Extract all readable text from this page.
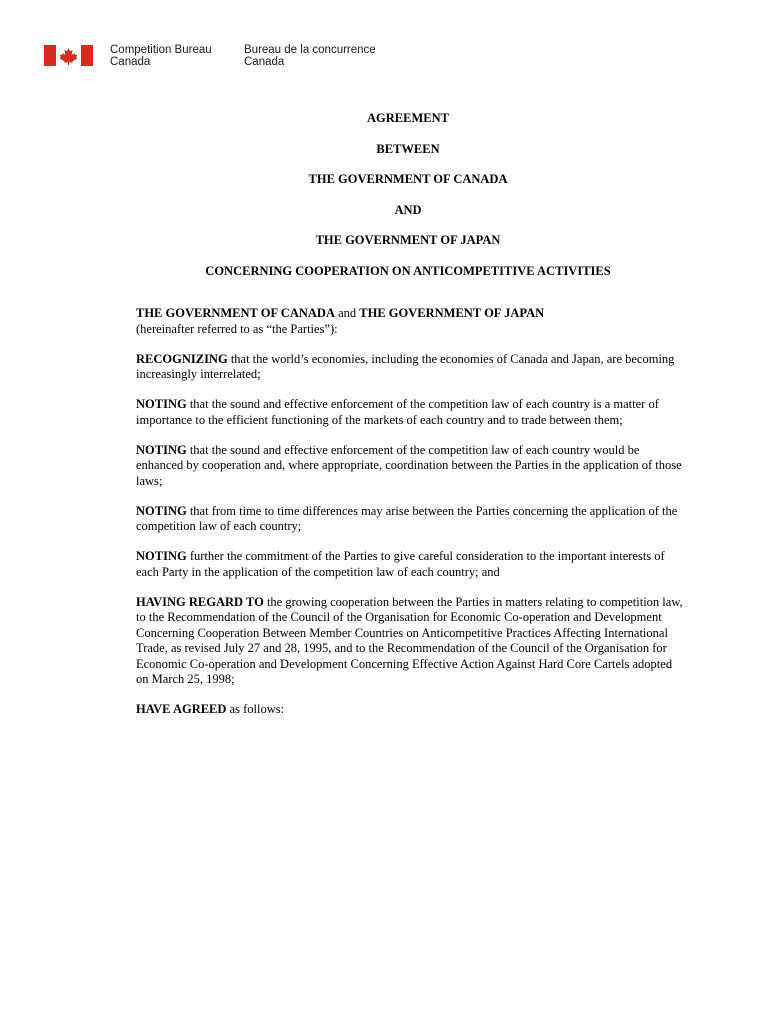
Competition Bureau
Canada
Bureau de la concurrence
Canada
AGREEMENT
BETWEEN
THE GOVERNMENT OF CANADA
AND
THE GOVERNMENT OF JAPAN
CONCERNING COOPERATION ON ANTICOMPETITIVE ACTIVITIES

THE GOVERNMENT OF CANADA and THE GOVERNMENT OF JAPAN
(hereinafter referred to as “the Parties”):

RECOGNIZING that the world’s economies, including the economies of Canada and Japan, are becoming increasingly interrelated;

NOTING that the sound and effective enforcement of the competition law of each country is a matter of importance to the efficient functioning of the markets of each country and to trade between them;

NOTING that the sound and effective enforcement of the competition law of each country would be enhanced by cooperation and, where appropriate, coordination between the Parties in the application of those laws;

NOTING that from time to time differences may arise between the Parties concerning the application of the competition law of each country;

NOTING further the commitment of the Parties to give careful consideration to the important interests of each Party in the application of the competition law of each country; and

HAVING REGARD TO the growing cooperation between the Parties in matters relating to competition law, to the Recommendation of the Council of the Organisation for Economic Co-operation and Development Concerning Cooperation Between Member Countries on Anticompetitive Practices Affecting International Trade, as revised July 27 and 28, 1995, and to the Recommendation of the Council of the Organisation for Economic Co-operation and Development Concerning Effective Action Against Hard Core Cartels adopted on March 25, 1998;

HAVE AGREED as follows:
